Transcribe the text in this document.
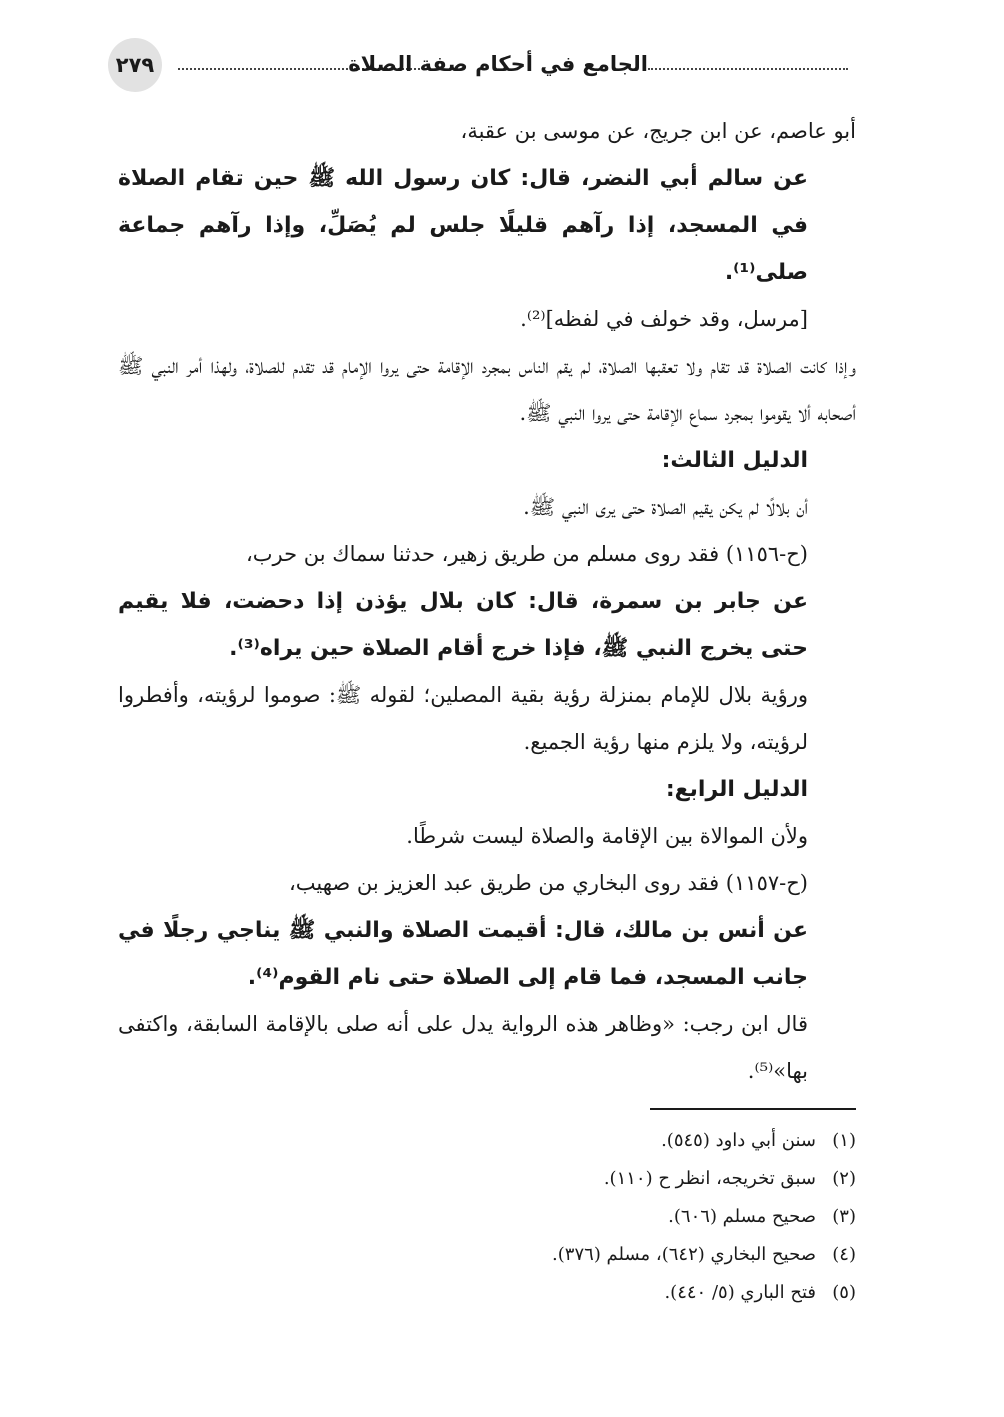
٢٧٩	الجامع في أحكام صفة الصلاة

أبو عاصم، عن ابن جريج، عن موسى بن عقبة،

عن سالم أبي النضر، قال: كان رسول الله ﷺ حين تقام الصلاة في المسجد، إذا رآهم قليلًا جلس لم يُصَلِّ، وإذا رآهم جماعة صلى⁽¹⁾.

[مرسل، وقد خولف في لفظه]⁽²⁾.

وإذا كانت الصلاة قد تقام ولا تعقبها الصلاة، لم يقم الناس بمجرد الإقامة حتى يروا الإمام قد تقدم للصلاة، ولهذا أمر النبي ﷺ أصحابه ألا يقوموا بمجرد سماع الإقامة حتى يروا النبي ﷺ.

الدليل الثالث:

أن بلالًا لم يكن يقيم الصلاة حتى يرى النبي ﷺ.

(ح-١١٥٦) فقد روى مسلم من طريق زهير، حدثنا سماك بن حرب،

عن جابر بن سمرة، قال: كان بلال يؤذن إذا دحضت، فلا يقيم حتى يخرج النبي ﷺ، فإذا خرج أقام الصلاة حين يراه⁽³⁾.

ورؤية بلال للإمام بمنزلة رؤية بقية المصلين؛ لقوله ﷺ: صوموا لرؤيته، وأفطروا لرؤيته، ولا يلزم منها رؤية الجميع.

الدليل الرابع:

ولأن الموالاة بين الإقامة والصلاة ليست شرطًا.

(ح-١١٥٧) فقد روى البخاري من طريق عبد العزيز بن صهيب،

عن أنس بن مالك، قال: أقيمت الصلاة والنبي ﷺ يناجي رجلًا في جانب المسجد، فما قام إلى الصلاة حتى نام القوم⁽⁴⁾.

قال ابن رجب: «وظاهر هذه الرواية يدل على أنه صلى بالإقامة السابقة، واكتفى بها»⁽⁵⁾.

(١)
سنن أبي داود (٥٤٥).
(٢)
سبق تخريجه، انظر ح (١١٠).
(٣)
صحيح مسلم (٦٠٦).
(٤)
صحيح البخاري (٦٤٢)، مسلم (٣٧٦).
(٥)
فتح الباري (٥/ ٤٤٠).
